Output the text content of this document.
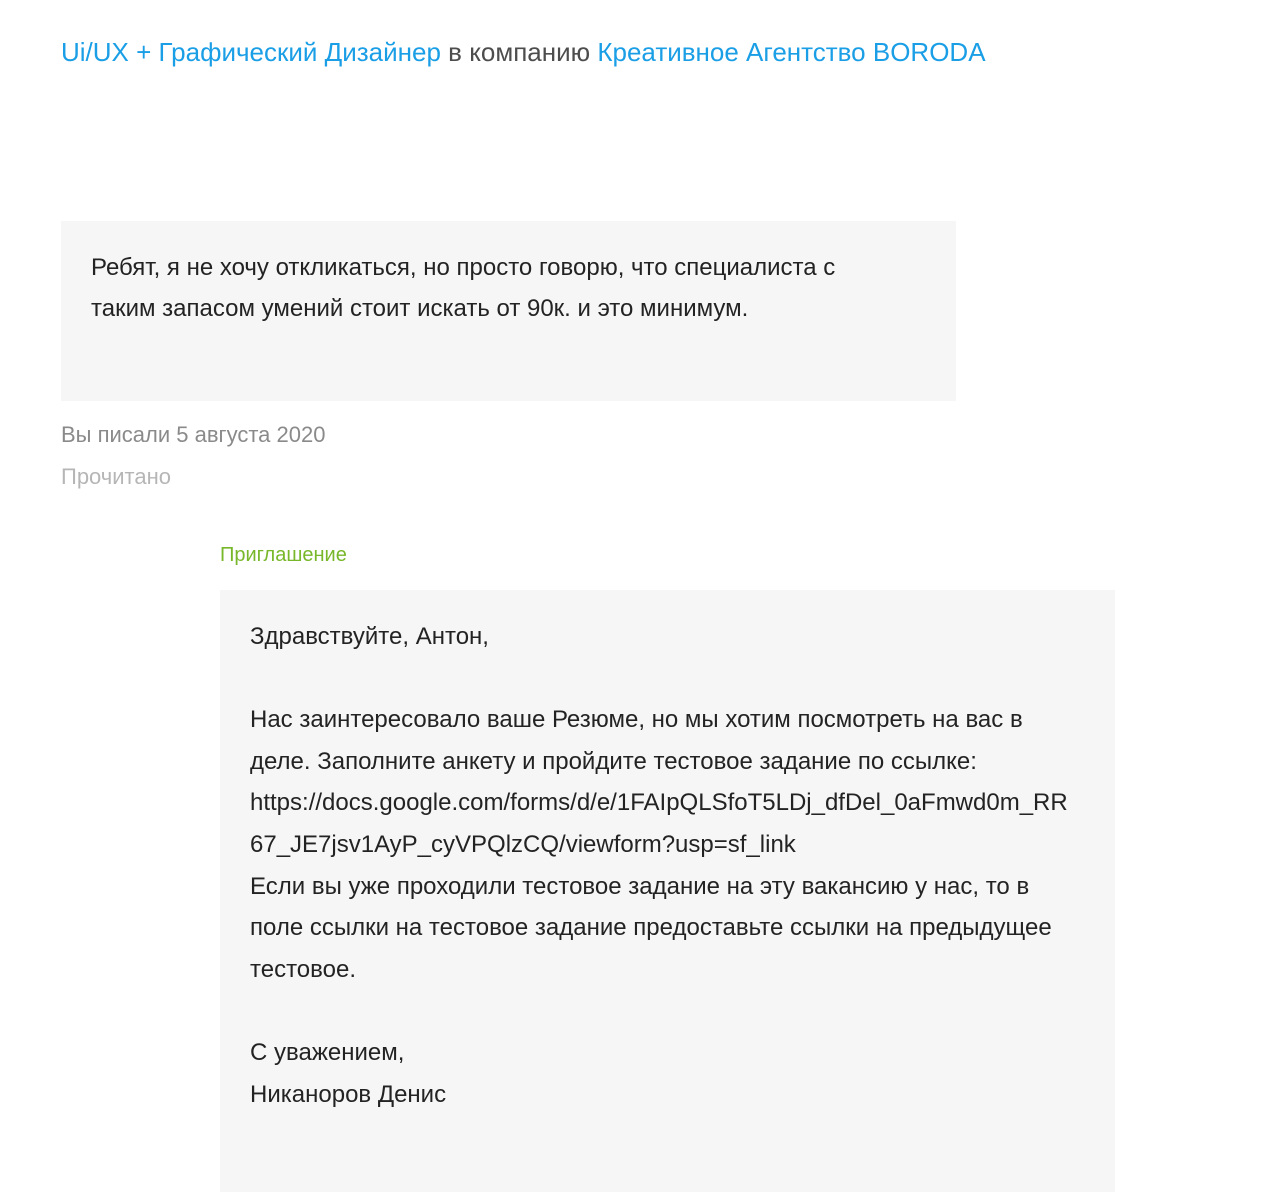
Ui/UX + Графический Дизайнер в компанию Креативное Агентство BORODA
Ребят, я не хочу откликаться, но просто говорю, что специалиста с таким запасом умений стоит искать от 90к. и это минимум.
Вы писали 5 августа 2020
Прочитано
Приглашение
Здравствуйте, Антон,
Нас заинтересовало ваше Резюме, но мы хотим посмотреть на вас в деле. Заполните анкету и пройдите тестовое задание по ссылке:
https://docs.google.com/forms/d/e/1FAIpQLSfoT5LDj_dfDel_0aFmwd0m_RR67_JE7jsv1AyP_cyVPQlzCQ/viewform?usp=sf_link
Если вы уже проходили тестовое задание на эту вакансию у нас, то в поле ссылки на тестовое задание предоставьте ссылки на предыдущее тестовое.
С уважением,
Никаноров Денис
